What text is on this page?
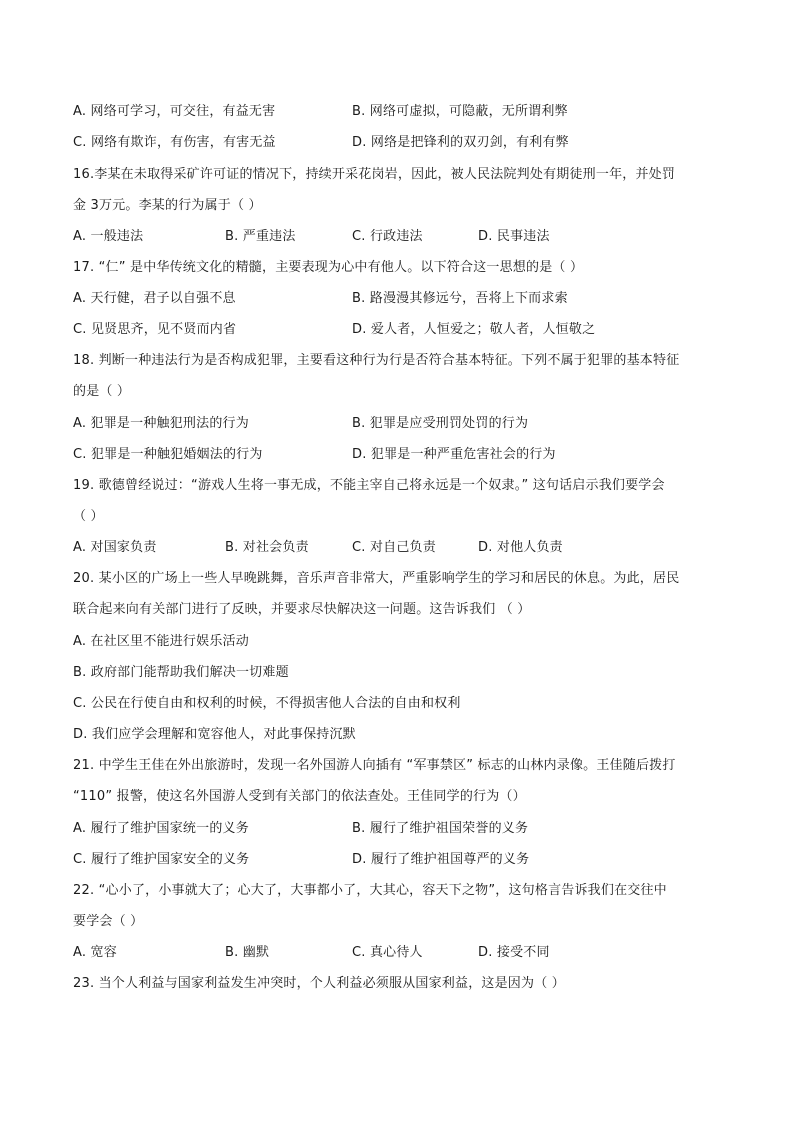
A. 网络可学习，可交往，有益无害	B. 网络可虚拟，可隐蔽，无所谓利弊
C. 网络有欺诈，有伤害，有害无益	D. 网络是把锋利的双刃剑，有利有弊
16.李某在未取得采矿许可证的情况下，持续开采花岗岩，因此，被人民法院判处有期徒刑一年，并处罚
金 3万元。李某的行为属于（ ）
A. 一般违法	B. 严重违法	C. 行政违法	D. 民事违法
17. “仁” 是中华传统文化的精髓，主要表现为心中有他人。以下符合这一思想的是（ ）
A. 天行健，君子以自强不息	B. 路漫漫其修远兮，吾将上下而求索
C. 见贤思齐，见不贤而内省	D. 爱人者，人恒爱之；敬人者，人恒敬之
18. 判断一种违法行为是否构成犯罪，主要看这种行为行是否符合基本特征。下列不属于犯罪的基本特征
的是（ ）
A. 犯罪是一种触犯刑法的行为	B. 犯罪是应受刑罚处罚的行为
C. 犯罪是一种触犯婚姻法的行为	D. 犯罪是一种严重危害社会的行为
19. 歌德曾经说过：“游戏人生将一事无成，不能主宰自己将永远是一个奴隶。” 这句话启示我们要学会
（ ）
A. 对国家负责	B. 对社会负责	C. 对自己负责	D. 对他人负责
20. 某小区的广场上一些人早晚跳舞，音乐声音非常大，严重影响学生的学习和居民的休息。为此，居民
联合起来向有关部门进行了反映，并要求尽快解决这一问题。这告诉我们 （ ）
A. 在社区里不能进行娱乐活动
B. 政府部门能帮助我们解决一切难题
C. 公民在行使自由和权利的时候，不得损害他人合法的自由和权利
D. 我们应学会理解和宽容他人，对此事保持沉默
21. 中学生王佳在外出旅游时，发现一名外国游人向插有 “军事禁区” 标志的山林内录像。王佳随后拨打
“110” 报警，使这名外国游人受到有关部门的依法查处。王佳同学的行为（）
A. 履行了维护国家统一的义务	B. 履行了维护祖国荣誉的义务
C. 履行了维护国家安全的义务	D. 履行了维护祖国尊严的义务
22. “心小了，小事就大了；心大了，大事都小了，大其心，容天下之物”，这句格言告诉我们在交往中
要学会（ ）
A. 宽容	B. 幽默	C. 真心待人	D. 接受不同
23. 当个人利益与国家利益发生冲突时，个人利益必须服从国家利益，这是因为（ ）
